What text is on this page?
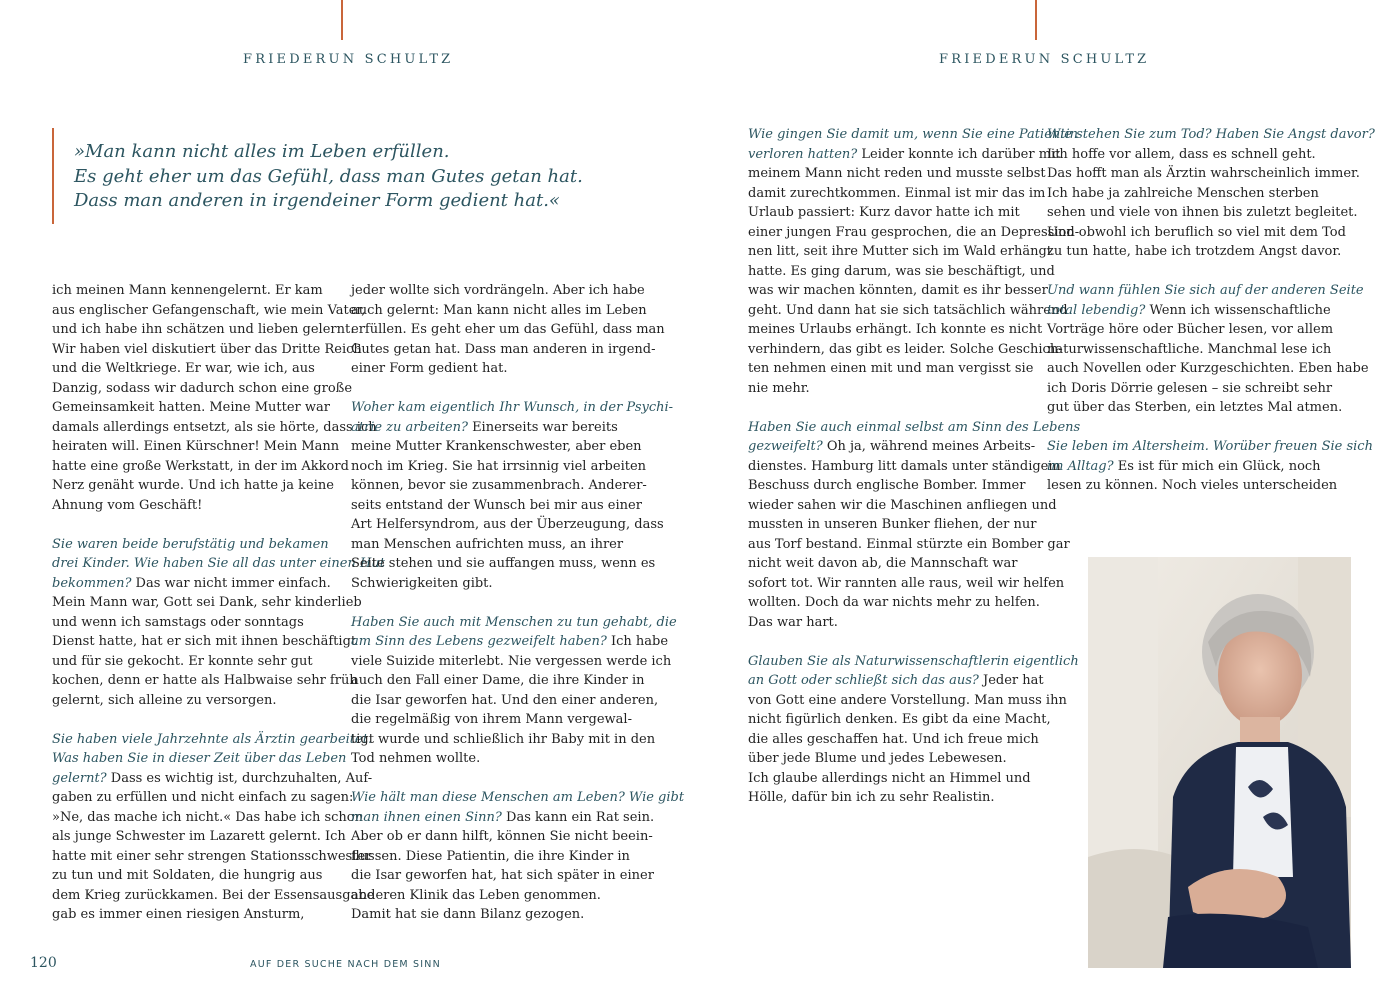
FRIEDERUN SCHULTZ

»Man kann nicht alles im Leben erfüllen.

Es geht eher um das Gefühl, dass man Gutes getan hat.

Dass man anderen in irgendeiner Form gedient hat.«

ich meinen Mann kennengelernt. Er kam
aus englischer Gefangenschaft, wie mein Vater,
und ich habe ihn schätzen und lieben gelernt.
Wir haben viel diskutiert über das Dritte Reich
und die Weltkriege. Er war, wie ich, aus
Danzig, sodass wir dadurch schon eine große
Gemeinsamkeit hatten. Meine Mutter war
damals allerdings entsetzt, als sie hörte, dass ich
heiraten will. Einen Kürschner! Mein Mann
hatte eine große Werkstatt, in der im Akkord
Nerz genäht wurde. Und ich hatte ja keine
Ahnung vom Geschäft!
Sie waren beide berufstätig und bekamen
drei Kinder. Wie haben Sie all das unter einen Hut
bekommen? Das war nicht immer einfach.
Mein Mann war, Gott sei Dank, sehr kinderlieb
und wenn ich samstags oder sonntags
Dienst hatte, hat er sich mit ihnen beschäftigt
und für sie gekocht. Er konnte sehr gut
kochen, denn er hatte als Halbwaise sehr früh
gelernt, sich alleine zu versorgen.
Sie haben viele Jahrzehnte als Ärztin gearbeitet.
Was haben Sie in dieser Zeit über das Leben
gelernt? Dass es wichtig ist, durchzuhalten, Auf-
gaben zu erfüllen und nicht einfach zu sagen:
»Ne, das mache ich nicht.« Das habe ich schon
als junge Schwester im Lazarett gelernt. Ich
hatte mit einer sehr strengen Stationsschwester
zu tun und mit Soldaten, die hungrig aus
dem Krieg zurückkamen. Bei der Essensausgabe
gab es immer einen riesigen Ansturm,
jeder wollte sich vordrängeln. Aber ich habe
auch gelernt: Man kann nicht alles im Leben
erfüllen. Es geht eher um das Gefühl, dass man
Gutes getan hat. Dass man anderen in irgend-
einer Form gedient hat.
Woher kam eigentlich Ihr Wunsch, in der Psychi-
atrie zu arbeiten? Einerseits war bereits
meine Mutter Krankenschwester, aber eben
noch im Krieg. Sie hat irrsinnig viel arbeiten
können, bevor sie zusammenbrach. Anderer-
seits entstand der Wunsch bei mir aus einer
Art Helfersyndrom, aus der Überzeugung, dass
man Menschen aufrichten muss, an ihrer
Seite stehen und sie auffangen muss, wenn es
Schwierigkeiten gibt.
Haben Sie auch mit Menschen zu tun gehabt, die
am Sinn des Lebens gezweifelt haben? Ich habe
viele Suizide miterlebt. Nie vergessen werde ich
auch den Fall einer Dame, die ihre Kinder in
die Isar geworfen hat. Und den einer anderen,
die regelmäßig von ihrem Mann vergewal-
tigt wurde und schließlich ihr Baby mit in den
Tod nehmen wollte.
Wie hält man diese Menschen am Leben? Wie gibt
man ihnen einen Sinn? Das kann ein Rat sein.
Aber ob er dann hilft, können Sie nicht beein-
flussen. Diese Patientin, die ihre Kinder in
die Isar geworfen hat, hat sich später in einer
anderen Klinik das Leben genommen.
Damit hat sie dann Bilanz gezogen.
120	AUF DER SUCHE NACH DEM SINN
FRIEDERUN SCHULTZ
Wie gingen Sie damit um, wenn Sie eine Patientin
verloren hatten? Leider konnte ich darüber mit
meinem Mann nicht reden und musste selbst
damit zurechtkommen. Einmal ist mir das im
Urlaub passiert: Kurz davor hatte ich mit
einer jungen Frau gesprochen, die an Depression-
nen litt, seit ihre Mutter sich im Wald erhängt
hatte. Es ging darum, was sie beschäftigt, und
was wir machen könnten, damit es ihr besser
geht. Und dann hat sie sich tatsächlich während
meines Urlaubs erhängt. Ich konnte es nicht
verhindern, das gibt es leider. Solche Geschich-
ten nehmen einen mit und man vergisst sie
nie mehr.
Haben Sie auch einmal selbst am Sinn des Lebens
gezweifelt? Oh ja, während meines Arbeits-
dienstes. Hamburg litt damals unter ständigem
Beschuss durch englische Bomber. Immer
wieder sahen wir die Maschinen anfliegen und
mussten in unseren Bunker fliehen, der nur
aus Torf bestand. Einmal stürzte ein Bomber gar
nicht weit davon ab, die Mannschaft war
sofort tot. Wir rannten alle raus, weil wir helfen
wollten. Doch da war nichts mehr zu helfen.
Das war hart.
Glauben Sie als Naturwissenschaftlerin eigentlich
an Gott oder schließt sich das aus? Jeder hat
von Gott eine andere Vorstellung. Man muss ihn
nicht figürlich denken. Es gibt da eine Macht,
die alles geschaffen hat. Und ich freue mich
über jede Blume und jedes Lebewesen.
Ich glaube allerdings nicht an Himmel und
Hölle, dafür bin ich zu sehr Realistin.
Wie stehen Sie zum Tod? Haben Sie Angst davor?
Ich hoffe vor allem, dass es schnell geht.
Das hofft man als Ärztin wahrscheinlich immer.
Ich habe ja zahlreiche Menschen sterben
sehen und viele von ihnen bis zuletzt begleitet.
Und obwohl ich beruflich so viel mit dem Tod
zu tun hatte, habe ich trotzdem Angst davor.
Und wann fühlen Sie sich auf der anderen Seite
total lebendig? Wenn ich wissenschaftliche
Vorträge höre oder Bücher lesen, vor allem
naturwissenschaftliche. Manchmal lese ich
auch Novellen oder Kurzgeschichten. Eben habe
ich Doris Dörrie gelesen – sie schreibt sehr
gut über das Sterben, ein letztes Mal atmen.
Sie leben im Altersheim. Worüber freuen Sie sich
im Alltag? Es ist für mich ein Glück, noch
lesen zu können. Noch vieles unterscheiden
